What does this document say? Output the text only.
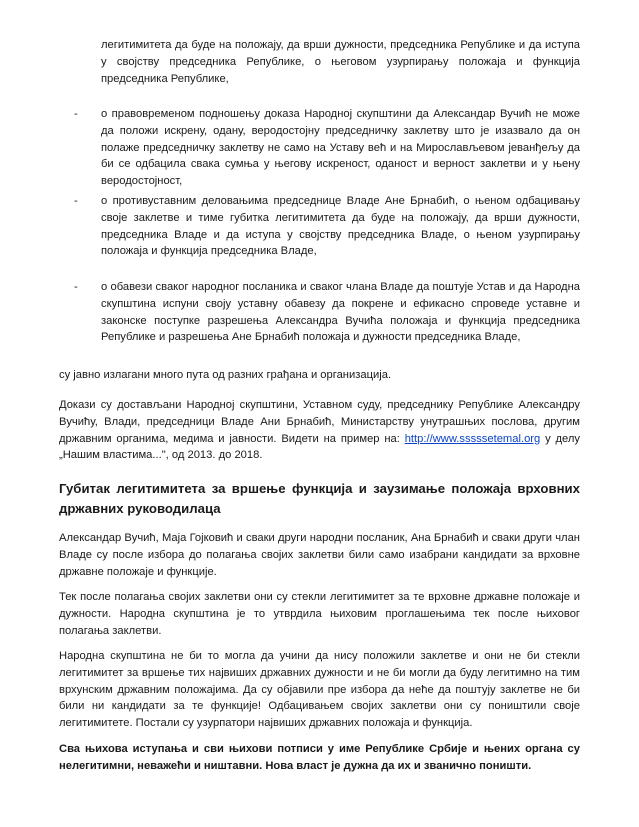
легитимитета да буде на положају, да врши дужности, председника Републике и да иступа у својству председника Републике, о његовом узурпирању положаја и функција председника Републике,
- о правовременом подношењу доказа Народној скупштини да Александар Вучић не може да положи искрену, одану, веродостојну председничку заклетву што је изазвало да он полаже председничку заклетву не само на Уставу већ и на Мирослављевом јеванђељу да би се одбацила свака сумња у његову искреност, оданост и верност заклетви и у њену веродостојност,
- о противуставним деловањима председнице Владе Ане Брнабић, о њеном одбацивању своје заклетве и тиме губитка легитимитета да буде на положају, да врши дужности, председника Владе и да иступа у својству председника Владе, о њеном узурпирању положаја и функција председника Владе,
- о обавези сваког народног посланика и сваког члана Владе да поштује Устав и да Народна скупштина испуни своју уставну обавезу да покрене и ефикасно спроведе уставне и законске поступке разрешења Александра Вучића положаја и функција председника Републике и разрешења Ане Брнабић положаја и дужности председника Владе,
су јавно излагани много пута од разних грађана и организација.
Докази су достављани Народној скупштини, Уставном суду, председнику Републике Александру Вучићу, Влади, председници Владе Ани Брнабић, Министарству унутрашњих послова, другим државним органима, медима и јавности. Видети на пример на: http://www.sssssetemal.org у делу „Нашим властима...", од 2013. до 2018.
Губитак легитимитета за вршење функција и заузимање положаја врховних државних руководилаца
Александар Вучић, Маја Гојковић и сваки други народни посланик, Ана Брнабић и сваки други члан Владе су после избора до полагања својих заклетви били само изабрани кандидати за врховне државне положаје и функције.
Тек после полагања својих заклетви они су стекли легитимитет за те врховне државне положаје и дужности. Народна скупштина је то утврдила њиховим проглашењима тек после њиховог полагања заклетви.
Народна скупштина не би то могла да учини да нису положили заклетве и они не би стекли легитимитет за вршење тих највиших државних дужности и не би могли да буду легитимно на тим врхунским државним положајима. Да су објавили пре избора да неће да поштују заклетве не би били ни кандидати за те функције! Одбацивањем својих заклетви они су поништили своје легитимитете. Постали су узурпатори највиших државних положаја и функција.
Сва њихова иступања и сви њихови потписи у име Републике Србије и њених органа су нелегитимни, неважећи и ништавни. Нова власт је дужна да их и званично поништи.
